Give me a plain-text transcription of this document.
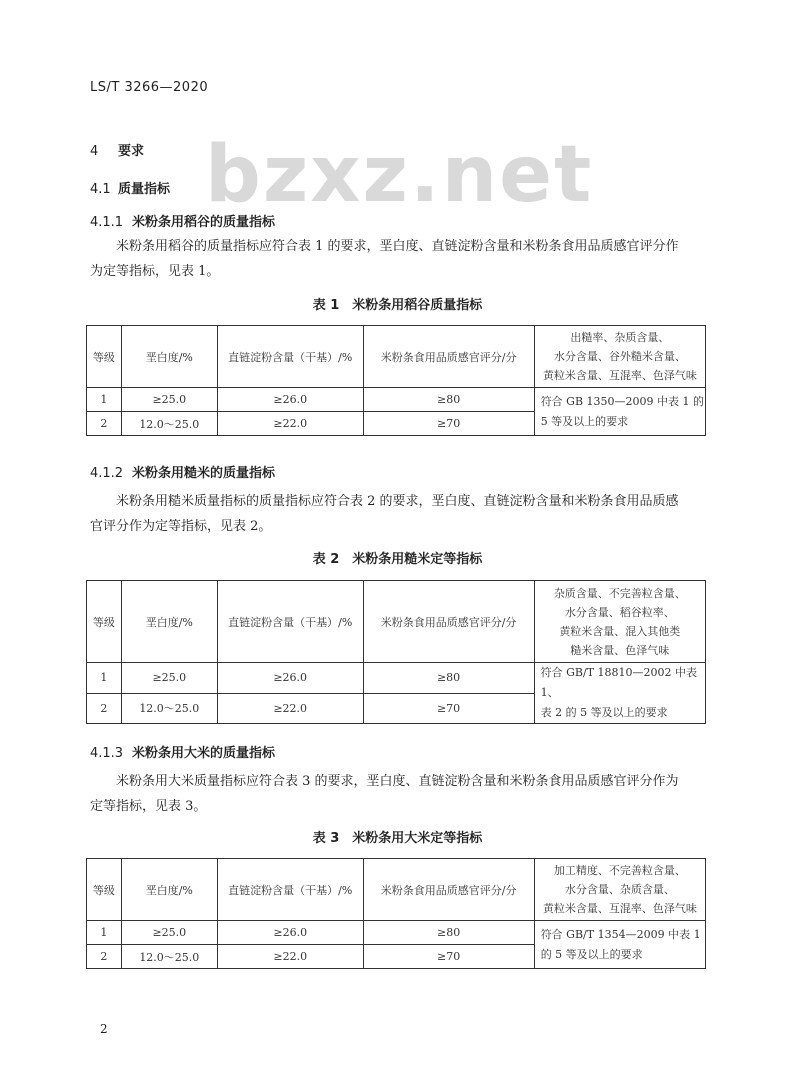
LS/T 3266—2020
bzxz.net
4 要求
4.1 质量指标
4.1.1 米粉条用稻谷的质量指标
米粉条用稻谷的质量指标应符合表 1 的要求，垩白度、直链淀粉含量和米粉条食用品质感官评分作
为定等指标，见表 1。
表 1　米粉条用稻谷质量指标
等级	垩白度/%	直链淀粉含量（干基）/%	米粉条食用品质感官评分/分	出糙率、杂质含量、
水分含量、谷外糙米含量、
黄粒米含量、互混率、色泽气味

1	≥25.0	≥26.0	≥80	符合 GB 1350—2009 中表 1 的
5 等及以上的要求

2	12.0～25.0	≥22.0	≥70	
4.1.2 米粉条用糙米的质量指标
米粉条用糙米质量指标的质量指标应符合表 2 的要求，垩白度、直链淀粉含量和米粉条食用品质感
官评分作为定等指标，见表 2。
表 2　米粉条用糙米定等指标
等级	垩白度/%	直链淀粉含量（干基）/%	米粉条食用品质感官评分/分	杂质含量、不完善粒含量、
水分含量、稻谷粒率、
黄粒米含量、混入其他类
糙米含量、色泽气味

1	≥25.0	≥26.0	≥80	符合 GB/T 18810—2002 中表 1、
表 2 的 5 等及以上的要求

2	12.0～25.0	≥22.0	≥70	
4.1.3 米粉条用大米的质量指标
米粉条用大米质量指标应符合表 3 的要求，垩白度、直链淀粉含量和米粉条食用品质感官评分作为
定等指标，见表 3。
表 3　米粉条用大米定等指标
等级	垩白度/%	直链淀粉含量（干基）/%	米粉条食用品质感官评分/分	加工精度、不完善粒含量、
水分含量、杂质含量、
黄粒米含量、互混率、色泽气味

1	≥25.0	≥26.0	≥80	符合 GB/T 1354—2009 中表 1
的 5 等及以上的要求

2	12.0～25.0	≥22.0	≥70	
2
